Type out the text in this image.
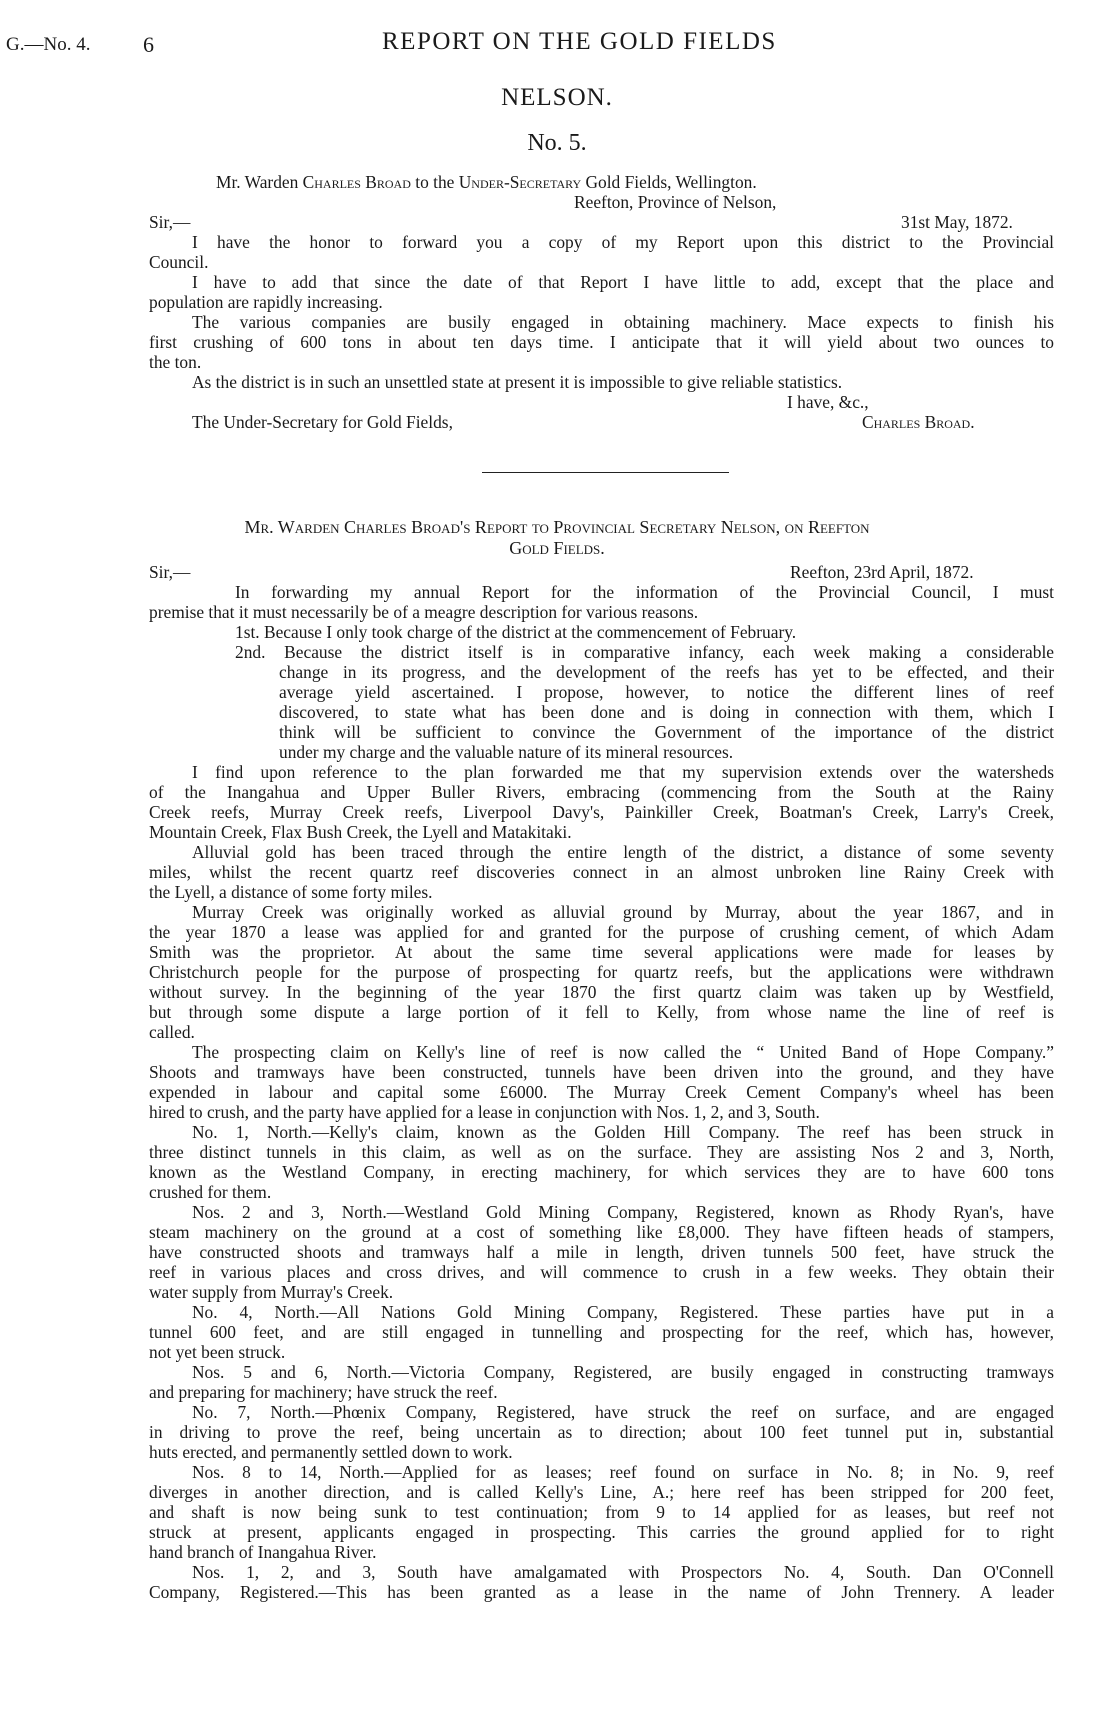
G.—No. 4. 6	REPORT ON THE GOLD FIELDS
NELSON.
No. 5.
Mr. Warden Charles Broad to the Under-Secretary Gold Fields, Wellington.
Reefton, Province of Nelson,
Sir,—	31st May, 1872.
I have the honor to forward you a copy of my Report upon this district to the Provincial
Council.
I have to add that since the date of that Report I have little to add, except that the place and
population are rapidly increasing.
The various companies are busily engaged in obtaining machinery. Mace expects to finish his
first crushing of 600 tons in about ten days time. I anticipate that it will yield about two ounces to
the ton.
As the district is in such an unsettled state at present it is impossible to give reliable statistics.
I have, &c.,
The Under-Secretary for Gold Fields,	Charles Broad.
Mr. Warden Charles Broad's Report to Provincial Secretary Nelson, on Reefton
Gold Fields.
Sir,—	Reefton, 23rd April, 1872.
In forwarding my annual Report for the information of the Provincial Council, I must
premise that it must necessarily be of a meagre description for various reasons.
1st. Because I only took charge of the district at the commencement of February.
2nd. Because the district itself is in comparative infancy, each week making a considerable
change in its progress, and the development of the reefs has yet to be effected, and their
average yield ascertained. I propose, however, to notice the different lines of reef
discovered, to state what has been done and is doing in connection with them, which I
think will be sufficient to convince the Government of the importance of the district
under my charge and the valuable nature of its mineral resources.
I find upon reference to the plan forwarded me that my supervision extends over the watersheds
of the Inangahua and Upper Buller Rivers, embracing (commencing from the South at the Rainy
Creek reefs, Murray Creek reefs, Liverpool Davy's, Painkiller Creek, Boatman's Creek, Larry's Creek,
Mountain Creek, Flax Bush Creek, the Lyell and Matakitaki.
Alluvial gold has been traced through the entire length of the district, a distance of some seventy
miles, whilst the recent quartz reef discoveries connect in an almost unbroken line Rainy Creek with
the Lyell, a distance of some forty miles.
Murray Creek was originally worked as alluvial ground by Murray, about the year 1867, and in
the year 1870 a lease was applied for and granted for the purpose of crushing cement, of which Adam
Smith was the proprietor. At about the same time several applications were made for leases by
Christchurch people for the purpose of prospecting for quartz reefs, but the applications were withdrawn
without survey. In the beginning of the year 1870 the first quartz claim was taken up by Westfield,
but through some dispute a large portion of it fell to Kelly, from whose name the line of reef is
called.
The prospecting claim on Kelly's line of reef is now called the “ United Band of Hope Company.”
Shoots and tramways have been constructed, tunnels have been driven into the ground, and they have
expended in labour and capital some £6000. The Murray Creek Cement Company's wheel has been
hired to crush, and the party have applied for a lease in conjunction with Nos. 1, 2, and 3, South.
No. 1, North.—Kelly's claim, known as the Golden Hill Company. The reef has been struck in
three distinct tunnels in this claim, as well as on the surface. They are assisting Nos 2 and 3, North,
known as the Westland Company, in erecting machinery, for which services they are to have 600 tons
crushed for them.
Nos. 2 and 3, North.—Westland Gold Mining Company, Registered, known as Rhody Ryan's, have
steam machinery on the ground at a cost of something like £8,000. They have fifteen heads of stampers,
have constructed shoots and tramways half a mile in length, driven tunnels 500 feet, have struck the
reef in various places and cross drives, and will commence to crush in a few weeks. They obtain their
water supply from Murray's Creek.
No. 4, North.—All Nations Gold Mining Company, Registered. These parties have put in a
tunnel 600 feet, and are still engaged in tunnelling and prospecting for the reef, which has, however,
not yet been struck.
Nos. 5 and 6, North.—Victoria Company, Registered, are busily engaged in constructing tramways
and preparing for machinery; have struck the reef.
No. 7, North.—Phœnix Company, Registered, have struck the reef on surface, and are engaged
in driving to prove the reef, being uncertain as to direction; about 100 feet tunnel put in, substantial
huts erected, and permanently settled down to work.
Nos. 8 to 14, North.—Applied for as leases; reef found on surface in No. 8; in No. 9, reef
diverges in another direction, and is called Kelly's Line, A.; here reef has been stripped for 200 feet,
and shaft is now being sunk to test continuation; from 9 to 14 applied for as leases, but reef not
struck at present, applicants engaged in prospecting. This carries the ground applied for to right
hand branch of Inangahua River.
Nos. 1, 2, and 3, South have amalgamated with Prospectors No. 4, South. Dan O'Connell
Company, Registered.—This has been granted as a lease in the name of John Trennery. A leader
